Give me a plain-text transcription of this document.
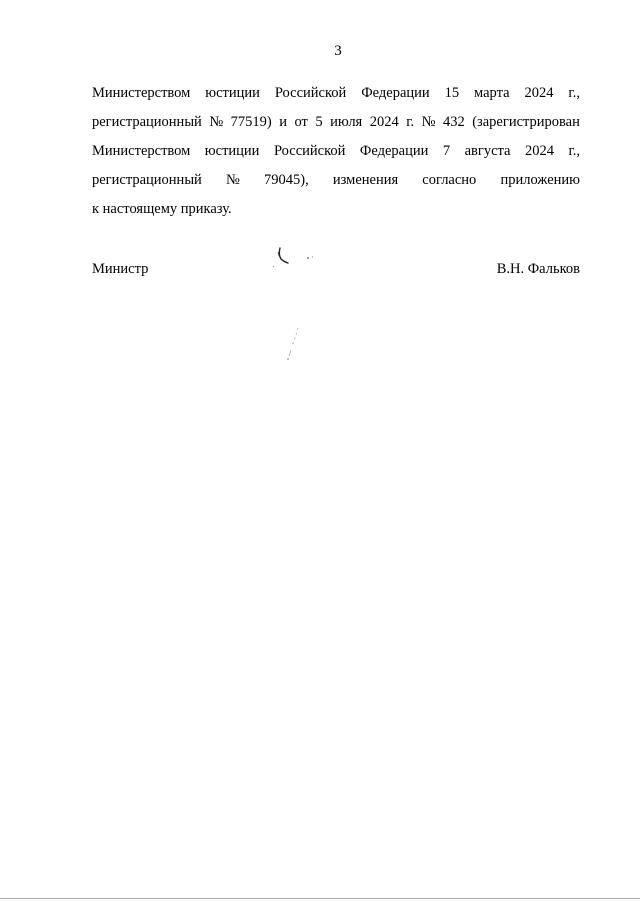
3
Министерством юстиции Российской Федерации 15 марта 2024 г.,
регистрационный № 77519) и от 5 июля 2024 г. № 432 (зарегистрирован
Министерством юстиции Российской Федерации 7 августа 2024 г.,
регистрационный № 79045), изменения согласно приложению
к настоящему приказу.
Министр	В.Н. Фальков
